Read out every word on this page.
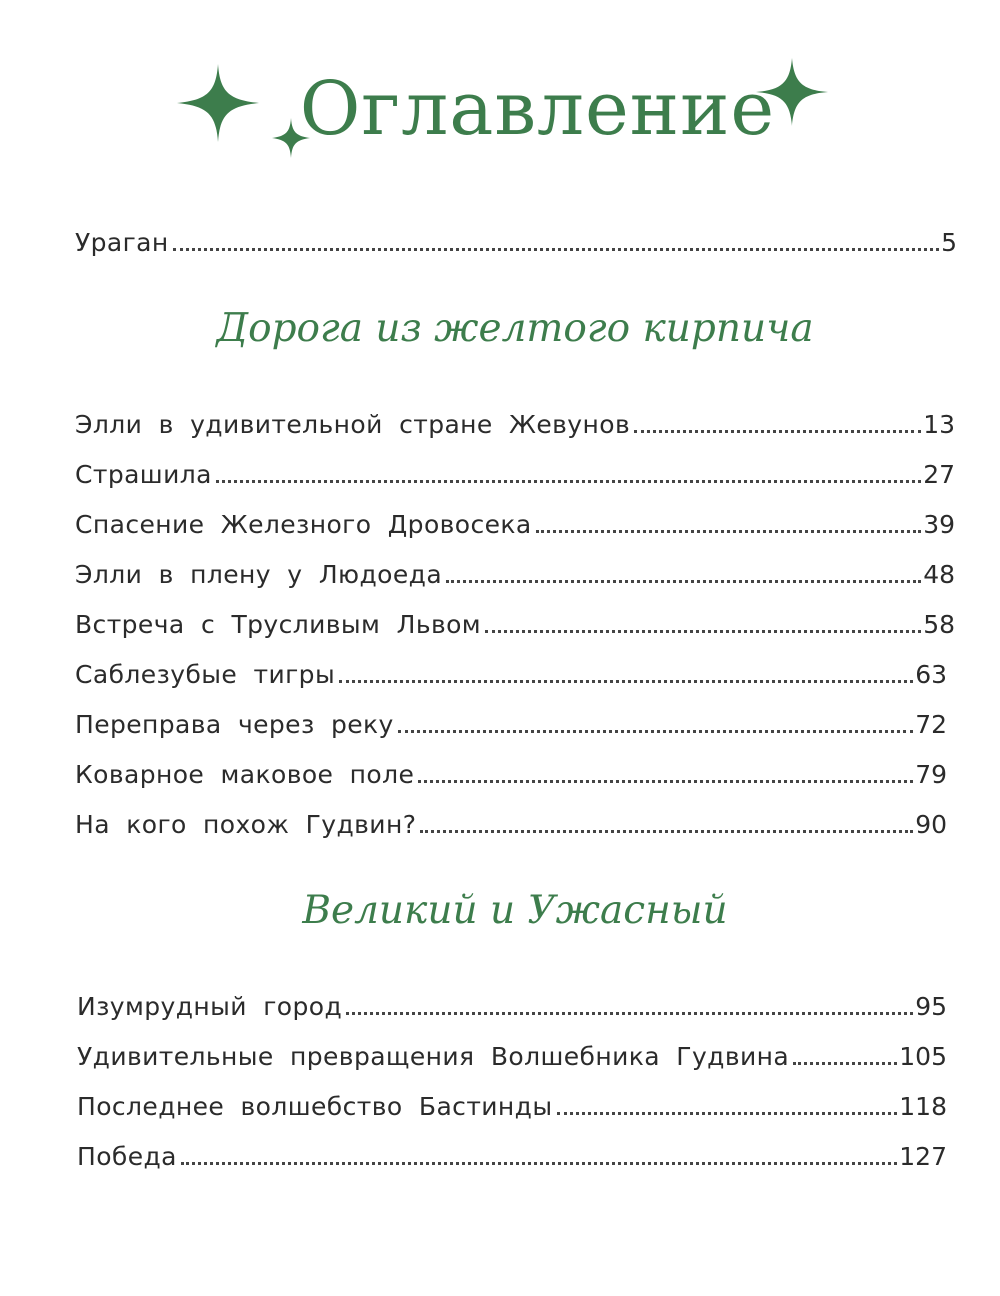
Оглавление
Ураган	5
Дорога из желтого кирпича
Элли в удивительной стране Жевунов	13
Страшила	27
Спасение Железного Дровосека	39
Элли в плену у Людоеда	48
Встреча с Трусливым Львом	58
Саблезубые тигры	63
Переправа через реку	72
Коварное маковое поле	79
На кого похож Гудвин?	90
Великий и Ужасный
Изумрудный город	95
Удивительные превращения Волшебника Гудвина	105
Последнее волшебство Бастинды	118
Победа	127
